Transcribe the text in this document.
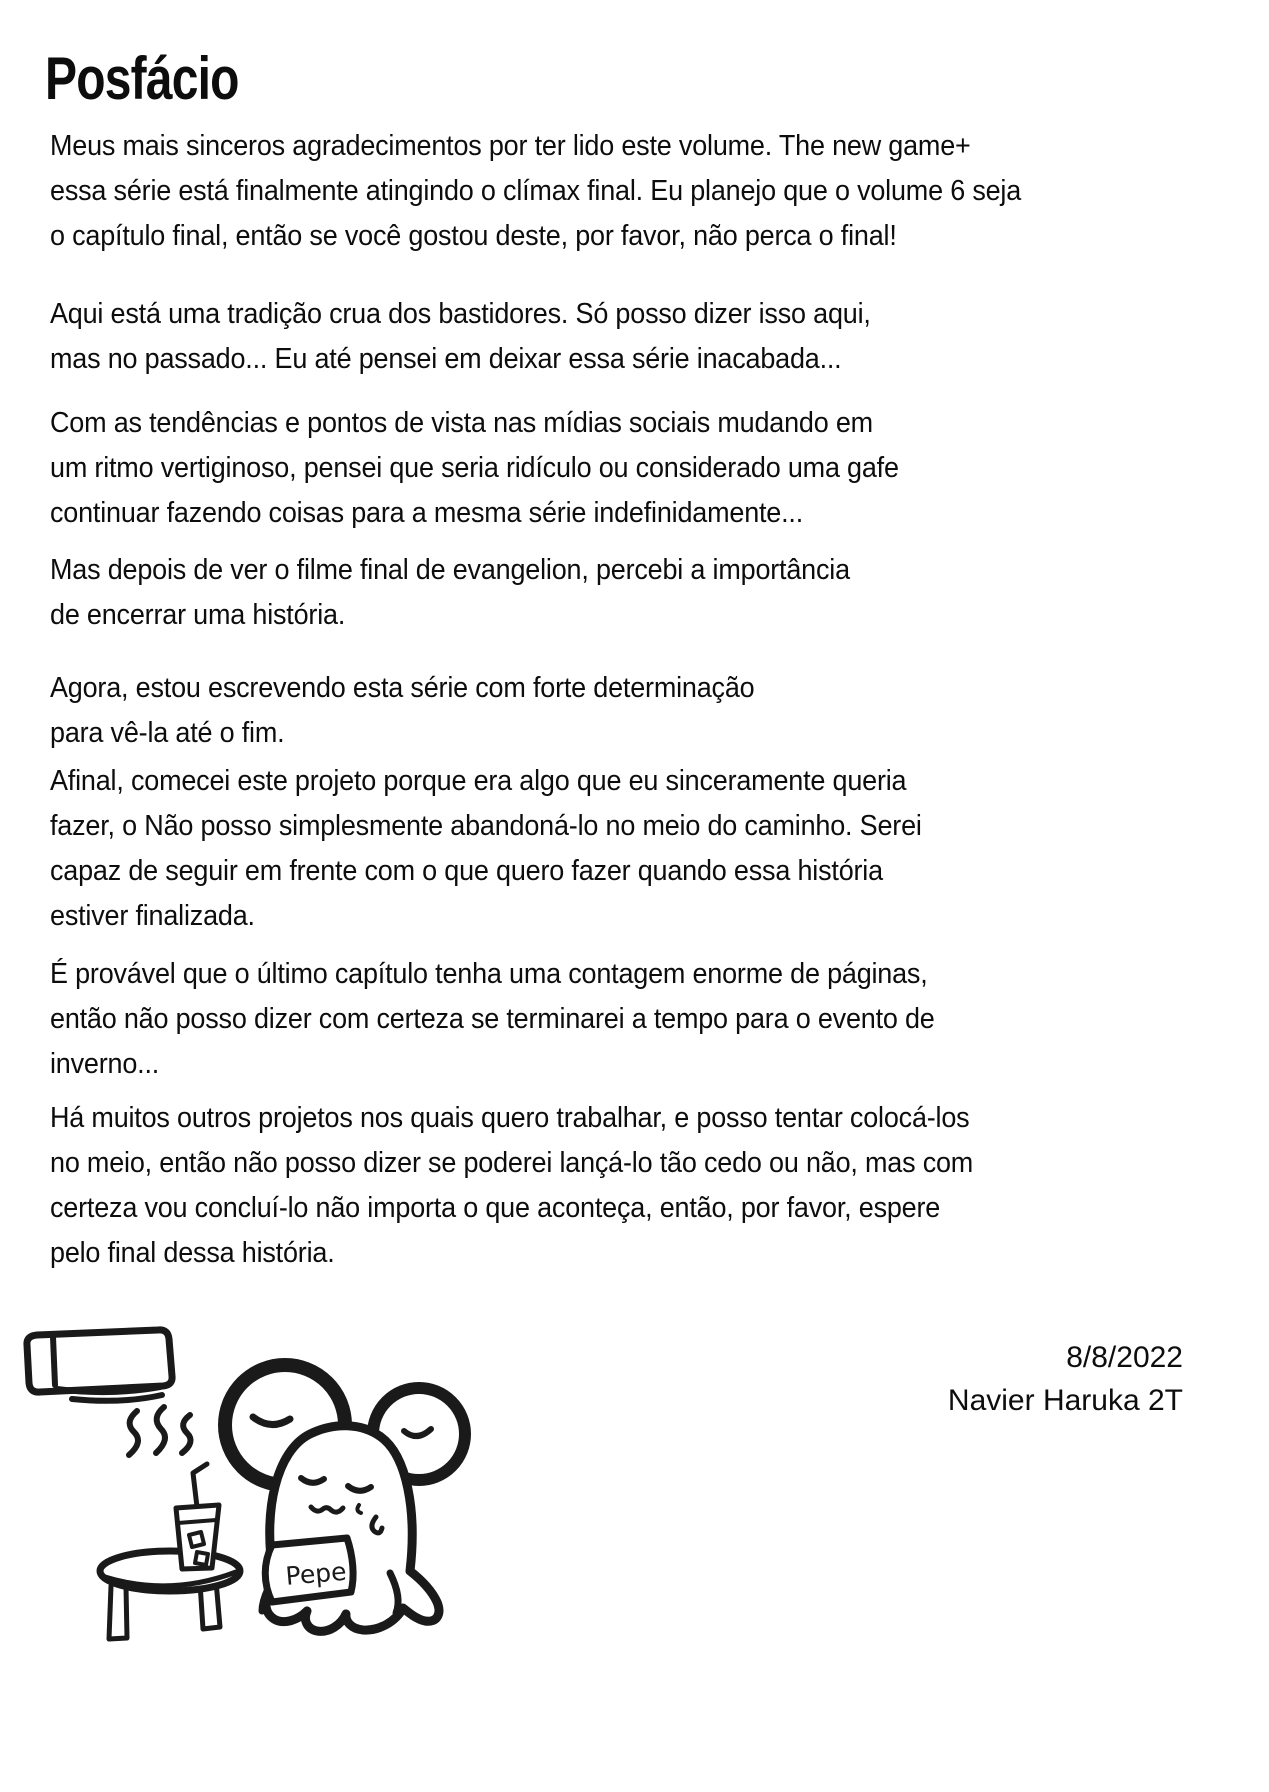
Posfácio
Meus mais sinceros agradecimentos por ter lido este volume. The new game+
essa série está finalmente atingindo o clímax final. Eu planejo que o volume 6 seja
o capítulo final, então se você gostou deste, por favor, não perca o final!
Aqui está uma tradição crua dos bastidores. Só posso dizer isso aqui,
mas no passado... Eu até pensei em deixar essa série inacabada...
Com as tendências e pontos de vista nas mídias sociais mudando em
um ritmo vertiginoso, pensei que seria ridículo ou considerado uma gafe
continuar fazendo coisas para a mesma série indefinidamente...
Mas depois de ver o filme final de evangelion, percebi a importância
de encerrar uma história.
Agora, estou escrevendo esta série com forte determinação
para vê-la até o fim.
Afinal, comecei este projeto porque era algo que eu sinceramente queria
fazer, o Não posso simplesmente abandoná-lo no meio do caminho. Serei
capaz de seguir em frente com o que quero fazer quando essa história
estiver finalizada.
É provável que o último capítulo tenha uma contagem enorme de páginas,
então não posso dizer com certeza se terminarei a tempo para o evento de
inverno...
Há muitos outros projetos nos quais quero trabalhar, e posso tentar colocá-los
no meio, então não posso dizer se poderei lançá-lo tão cedo ou não, mas com
certeza vou concluí-lo não importa o que aconteça, então, por favor, espere
pelo final dessa história.
8/8/2022
Navier Haruka 2T
Pepe
